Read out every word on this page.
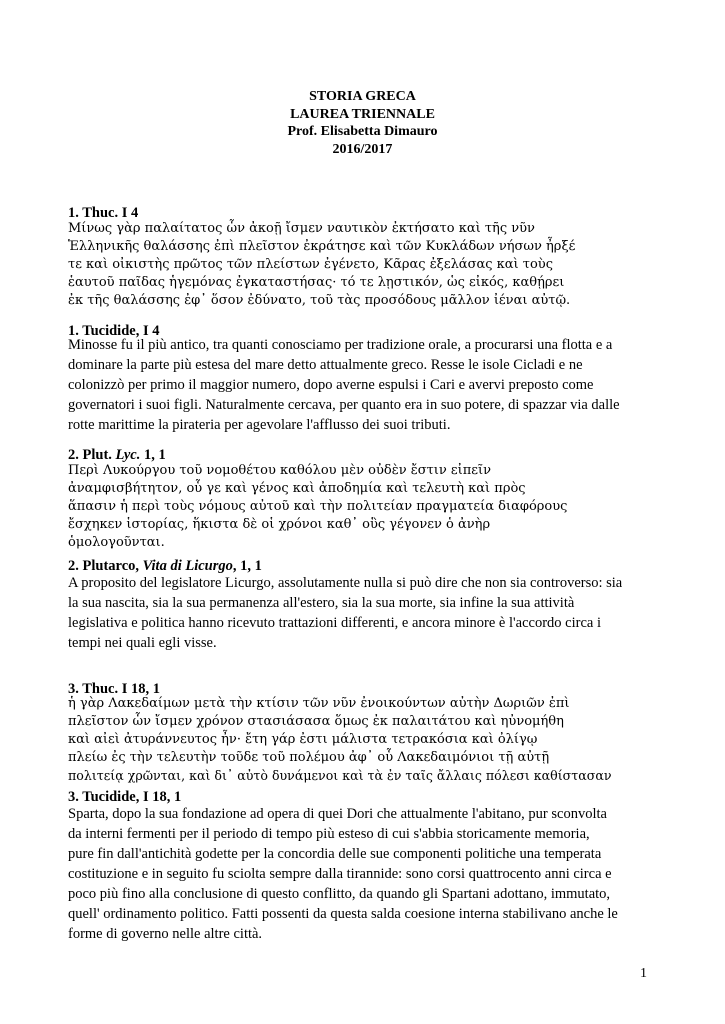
STORIA GRECA
LAUREA TRIENNALE
Prof. Elisabetta Dimauro
2016/2017
1. Thuc. I 4
Μίνως γὰρ παλαίτατος ὧν ἀκοῇ ἴσμεν ναυτικὸν ἐκτήσατο καὶ τῆς νῦν
Ἑλληνικῆς θαλάσσης ἐπὶ πλεῖστον ἐκράτησε καὶ τῶν Κυκλάδων νήσων ἦρξέ
τε καὶ οἰκιστὴς πρῶτος τῶν πλείστων ἐγένετο, Κᾶρας ἐξελάσας καὶ τοὺς
ἑαυτοῦ παῖδας ἡγεμόνας ἐγκαταστήσας· τό τε λῃστικόν, ὡς εἰκός, καθῄρει
ἐκ τῆς θαλάσσης ἐφ᾽ ὅσον ἐδύνατο, τοῦ τὰς προσόδους μᾶλλον ἰέναι αὐτῷ.
1. Tucidide, I 4
Minosse fu il più antico, tra quanti conosciamo per tradizione orale, a procurarsi una flotta e a
dominare la parte più estesa del mare detto attualmente greco. Resse le isole Cicladi e ne
colonizzò per primo il maggior numero, dopo averne espulsi i Cari e avervi preposto come
governatori i suoi figli. Naturalmente cercava, per quanto era in suo potere, di spazzar via dalle
rotte marittime la pirateria per agevolare l'afflusso dei suoi tributi.
2. Plut. Lyc. 1, 1
Περὶ Λυκούργου τοῦ νομοθέτου καθόλου μὲν οὐδὲν ἔστιν εἰπεῖν
ἀναμφισβήτητον, οὗ γε καὶ γένος καὶ ἀποδημία καὶ τελευτὴ καὶ πρὸς
ἅπασιν ἡ περὶ τοὺς νόμους αὐτοῦ καὶ τὴν πολιτείαν πραγματεία διαφόρους
ἔσχηκεν ἱστορίας, ἥκιστα δὲ οἱ χρόνοι καθ᾽ οὓς γέγονεν ὁ ἀνὴρ
ὁμολογοῦνται.
2. Plutarco, Vita di Licurgo, 1, 1
A proposito del legislatore Licurgo, assolutamente nulla si può dire che non sia controverso: sia
la sua nascita, sia la sua permanenza all'estero, sia la sua morte, sia infine la sua attività
legislativa e politica hanno ricevuto trattazioni differenti, e ancora minore è l'accordo circa i
tempi nei quali egli visse.
3. Thuc. I 18, 1
ἡ γὰρ Λακεδαίμων μετὰ τὴν κτίσιν τῶν νῦν ἐνοικούντων αὐτὴν Δωριῶν ἐπὶ
πλεῖστον ὧν ἴσμεν χρόνον στασιάσασα ὅμως ἐκ παλαιτάτου καὶ ηὐνομήθη
καὶ αἰεὶ ἀτυράννευτος ἦν· ἔτη γάρ ἐστι μάλιστα τετρακόσια καὶ ὀλίγῳ
πλείω ἐς τὴν τελευτὴν τοῦδε τοῦ πολέμου ἀφ᾽ οὗ Λακεδαιμόνιοι τῇ αὐτῇ
πολιτείᾳ χρῶνται, καὶ δι᾽ αὐτὸ δυνάμενοι καὶ τὰ ἐν ταῖς ἄλλαις πόλεσι καθίστασαν
3. Tucidide, I 18, 1
Sparta, dopo la sua fondazione ad opera di quei Dori che attualmente l'abitano, pur sconvolta
da interni fermenti per il periodo di tempo più esteso di cui s'abbia storicamente memoria,
pure fin dall'antichità godette per la concordia delle sue componenti politiche una temperata
costituzione e in seguito fu sciolta sempre dalla tirannide: sono corsi quattrocento anni circa e
poco più fino alla conclusione di questo conflitto, da quando gli Spartani adottano, immutato,
quell' ordinamento politico. Fatti possenti da questa salda coesione interna stabilivano anche le
forme di governo nelle altre città.
1
